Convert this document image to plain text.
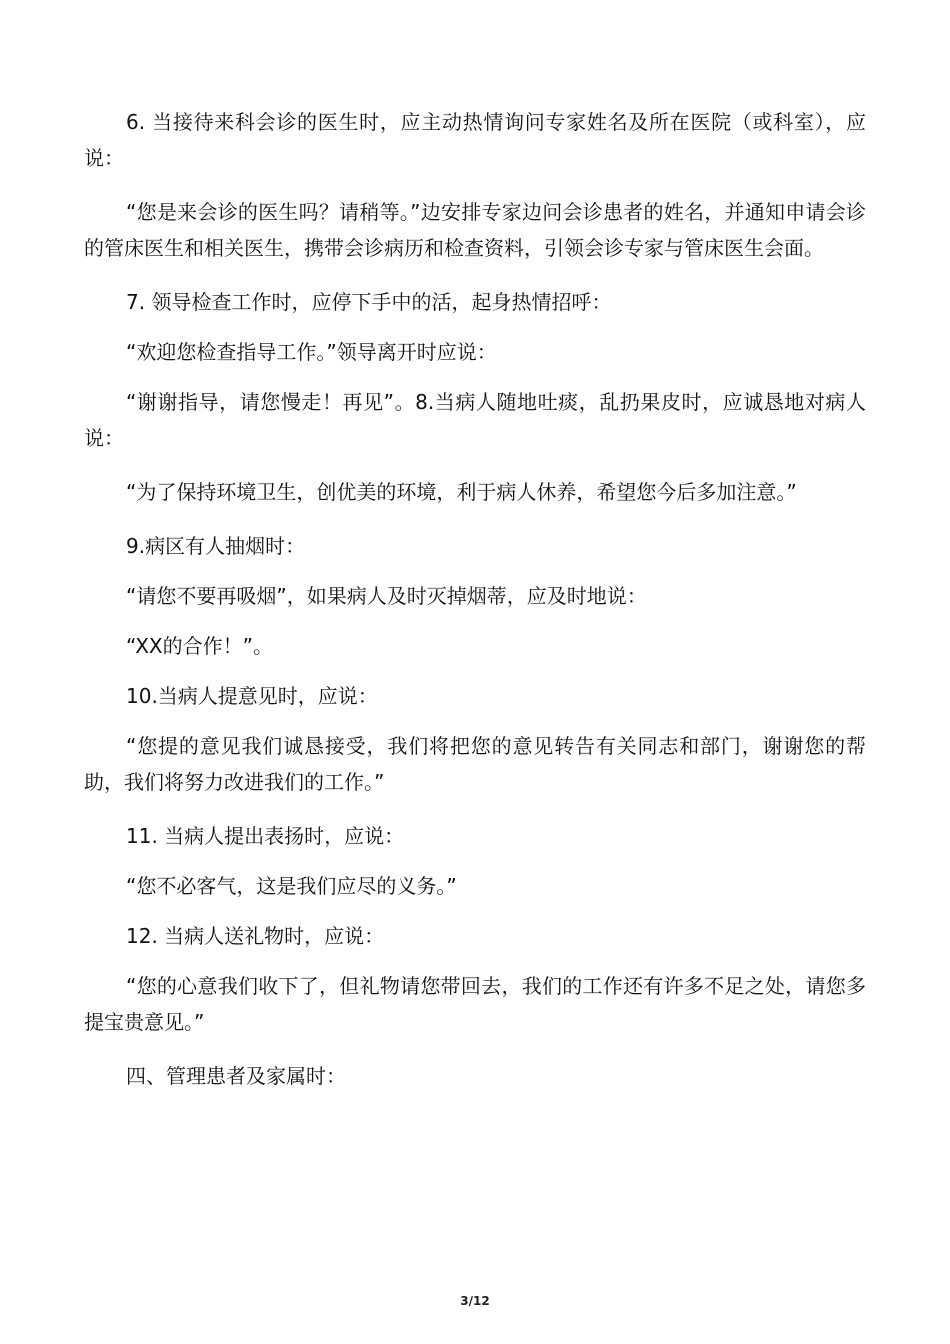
6. 当接待来科会诊的医生时，应主动热情询问专家姓名及所在医院（或科室），应说：

“您是来会诊的医生吗？请稍等。”边安排专家边问会诊患者的姓名，并通知申请会诊的管床医生和相关医生，携带会诊病历和检查资料，引领会诊专家与管床医生会面。

7. 领导检查工作时，应停下手中的活，起身热情招呼：

“欢迎您检查指导工作。”领导离开时应说：

“谢谢指导，请您慢走！再见”。8.当病人随地吐痰，乱扔果皮时，应诚恳地对病人说：

“为了保持环境卫生，创优美的环境，利于病人休养，希望您今后多加注意。”

9.病区有人抽烟时：

“请您不要再吸烟”，如果病人及时灭掉烟蒂，应及时地说：

“XX的合作！”。

10.当病人提意见时，应说：

“您提的意见我们诚恳接受，我们将把您的意见转告有关同志和部门，谢谢您的帮助，我们将努力改进我们的工作。”

11. 当病人提出表扬时，应说：

“您不必客气，这是我们应尽的义务。”

12. 当病人送礼物时，应说：

“您的心意我们收下了，但礼物请您带回去，我们的工作还有许多不足之处，请您多提宝贵意见。”

四、管理患者及家属时：

3/12
